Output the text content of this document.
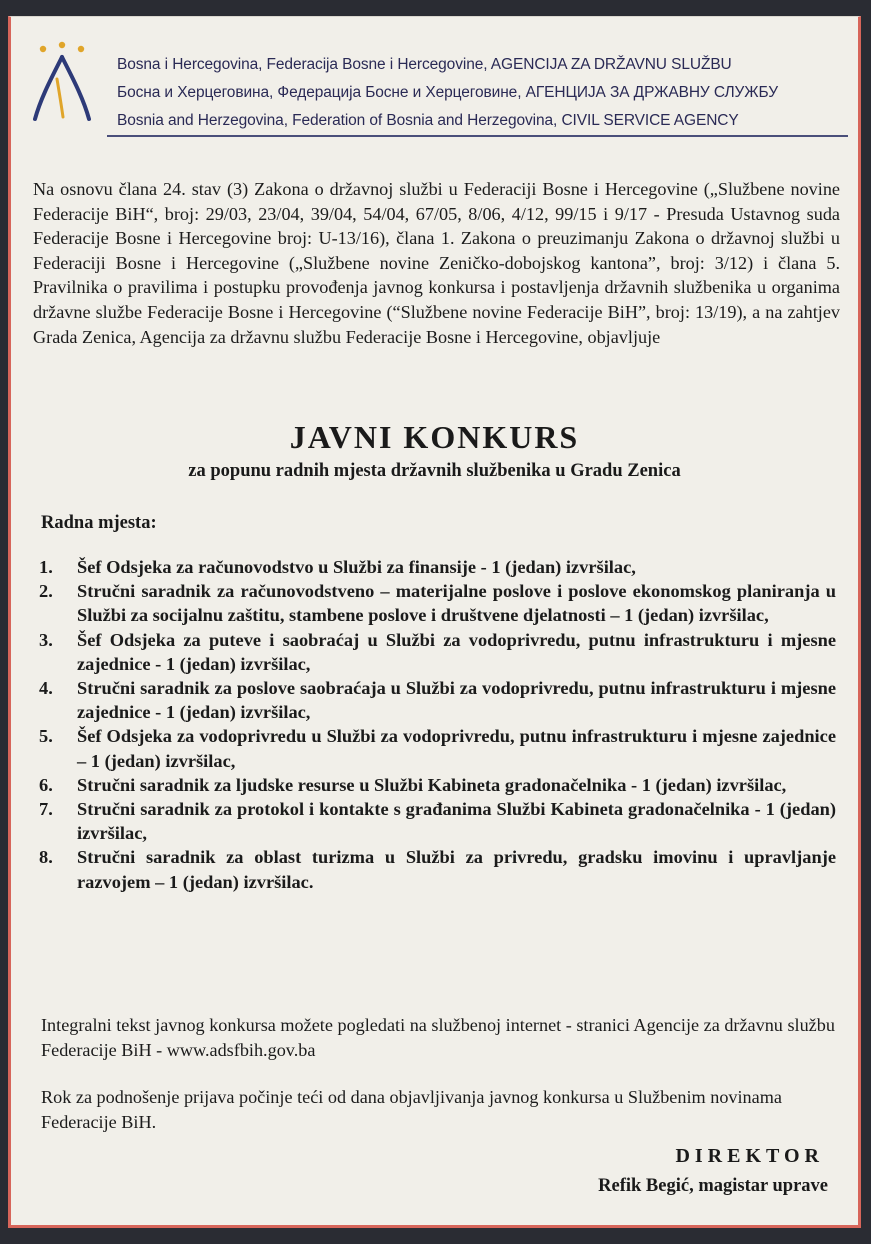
Bosna i Hercegovina, Federacija Bosne i Hercegovine, AGENCIJA ZA DRŽAVNU SLUŽBU
Босна и Херцеговина, Федерација Босне и Херцеговине, АГЕНЦИЈА ЗА ДРЖАВНУ СЛУЖБУ
Bosnia and Herzegovina, Federation of Bosnia and Herzegovina, CIVIL SERVICE AGENCY
Na osnovu člana 24. stav (3) Zakona o državnoj službi u Federaciji Bosne i Hercegovine („Službene novine Federacije BiH“, broj: 29/03, 23/04, 39/04, 54/04, 67/05, 8/06, 4/12, 99/15 i 9/17 - Presuda Ustavnog suda Federacije Bosne i Hercegovine broj: U-13/16), člana 1. Zakona o preuzimanju Zakona o državnoj službi u Federaciji Bosne i Hercegovine („Službene novine Zeničko-dobojskog kantona”, broj: 3/12) i člana 5. Pravilnika o pravilima i postupku provođenja javnog konkursa i postavljenja državnih službenika u organima državne službe Federacije Bosne i Hercegovine (“Službene novine Federacije BiH”, broj: 13/19), a na zahtjev Grada Zenica, Agencija za državnu službu Federacije Bosne i Hercegovine, objavljuje
JAVNI KONKURS
za popunu radnih mjesta državnih službenika u Gradu Zenica
Radna mjesta:
1.	Šef Odsjeka za računovodstvo u Službi za finansije - 1 (jedan) izvršilac,
2.	Stručni saradnik za računovodstveno – materijalne poslove i poslove ekonomskog planiranja u Službi za socijalnu zaštitu, stambene poslove i društvene djelatnosti – 1 (jedan) izvršilac,
3.	Šef Odsjeka za puteve i saobraćaj u Službi za vodoprivredu, putnu infrastrukturu i mjesne zajednice - 1 (jedan) izvršilac,
4.	Stručni saradnik za poslove saobraćaja u Službi za vodoprivredu, putnu infrastrukturu i mjesne zajednice - 1 (jedan) izvršilac,
5.	Šef Odsjeka za vodoprivredu u Službi za vodoprivredu, putnu infrastrukturu i mjesne zajednice – 1 (jedan) izvršilac,
6.	Stručni saradnik za ljudske resurse u Službi Kabineta gradonačelnika - 1 (jedan) izvršilac,
7.	Stručni saradnik za protokol i kontakte s građanima Službi Kabineta gradonačelnika - 1 (jedan) izvršilac,
8.	Stručni saradnik za oblast turizma u Službi za privredu, gradsku imovinu i upravljanje razvojem – 1 (jedan) izvršilac.
Integralni tekst javnog konkursa možete pogledati na službenoj internet - stranici Agencije za državnu službu Federacije BiH - www.adsfbih.gov.ba
Rok za podnošenje prijava počinje teći od dana objavljivanja javnog konkursa u Službenim novinama Federacije BiH.
DIREKTOR
Refik Begić, magistar uprave
